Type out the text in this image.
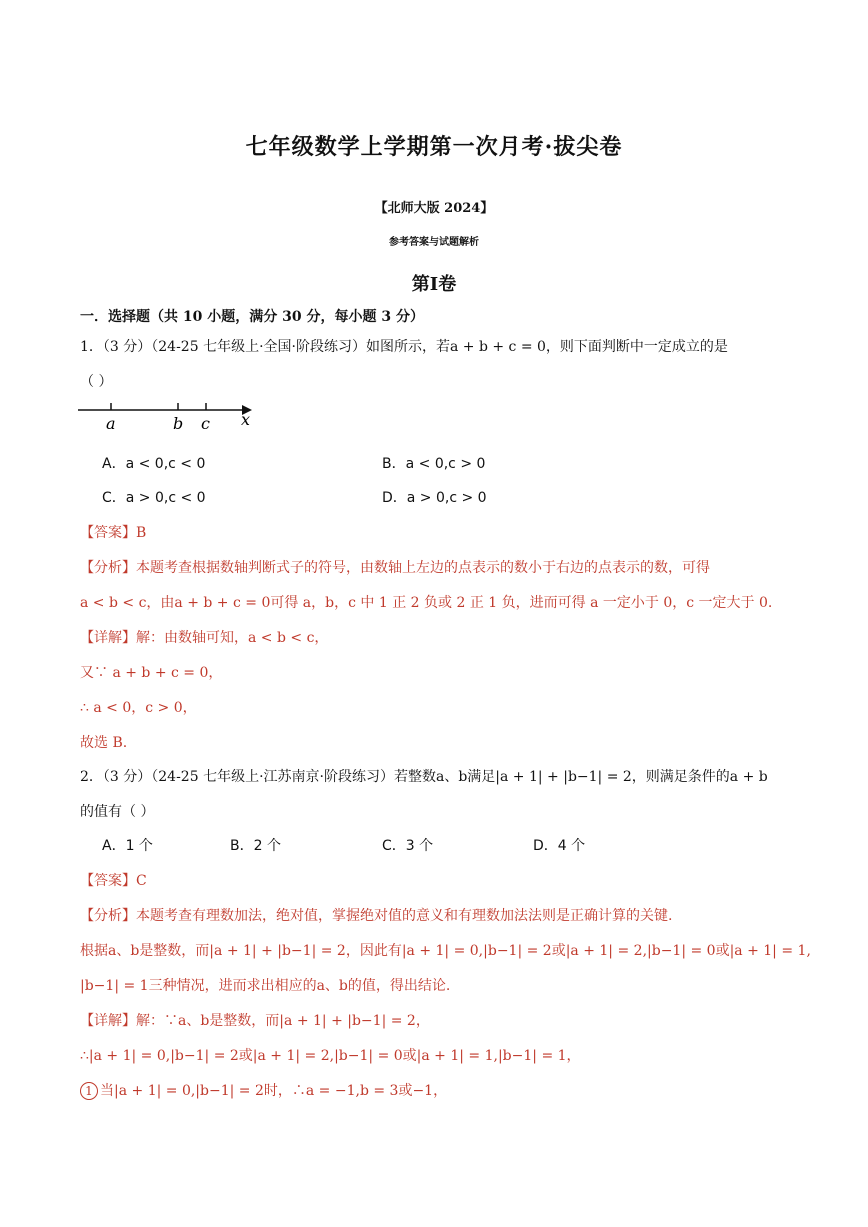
七年级数学上学期第一次月考·拔尖卷
【北师大版 2024】
参考答案与试题解析
第I卷
一．选择题（共 10 小题，满分 30 分，每小题 3 分）
1．（3 分）（24-25 七年级上·全国·阶段练习）如图所示，若a + b + c = 0，则下面判断中一定成立的是
（ ）
a	b c x
A．a < 0,c < 0	B．a < 0,c > 0
C．a > 0,c < 0	D．a > 0,c > 0
【答案】B
【分析】本题考查根据数轴判断式子的符号，由数轴上左边的点表示的数小于右边的点表示的数，可得
a < b < c，由a + b + c = 0可得 a，b，c 中 1 正 2 负或 2 正 1 负，进而可得 a 一定小于 0，c 一定大于 0.
【详解】解：由数轴可知，a < b < c，
又∵ a + b + c = 0，
∴ a < 0，c > 0，
故选 B.
2．（3 分）（24-25 七年级上·江苏南京·阶段练习）若整数a、b满足|a + 1| + |b−1| = 2，则满足条件的a + b
的值有（ ）
A．1 个	B．2 个	C．3 个	D．4 个
【答案】C
【分析】本题考查有理数加法，绝对值，掌握绝对值的意义和有理数加法法则是正确计算的关键.
根据a、b是整数，而|a + 1| + |b−1| = 2，因此有|a + 1| = 0,|b−1| = 2或|a + 1| = 2,|b−1| = 0或|a + 1| = 1,
|b−1| = 1三种情况，进而求出相应的a、b的值，得出结论.
【详解】解：∵a、b是整数，而|a + 1| + |b−1| = 2，
∴|a + 1| = 0,|b−1| = 2或|a + 1| = 2,|b−1| = 0或|a + 1| = 1,|b−1| = 1，
1 当|a + 1| = 0,|b−1| = 2时，∴a = −1,b = 3或−1，
